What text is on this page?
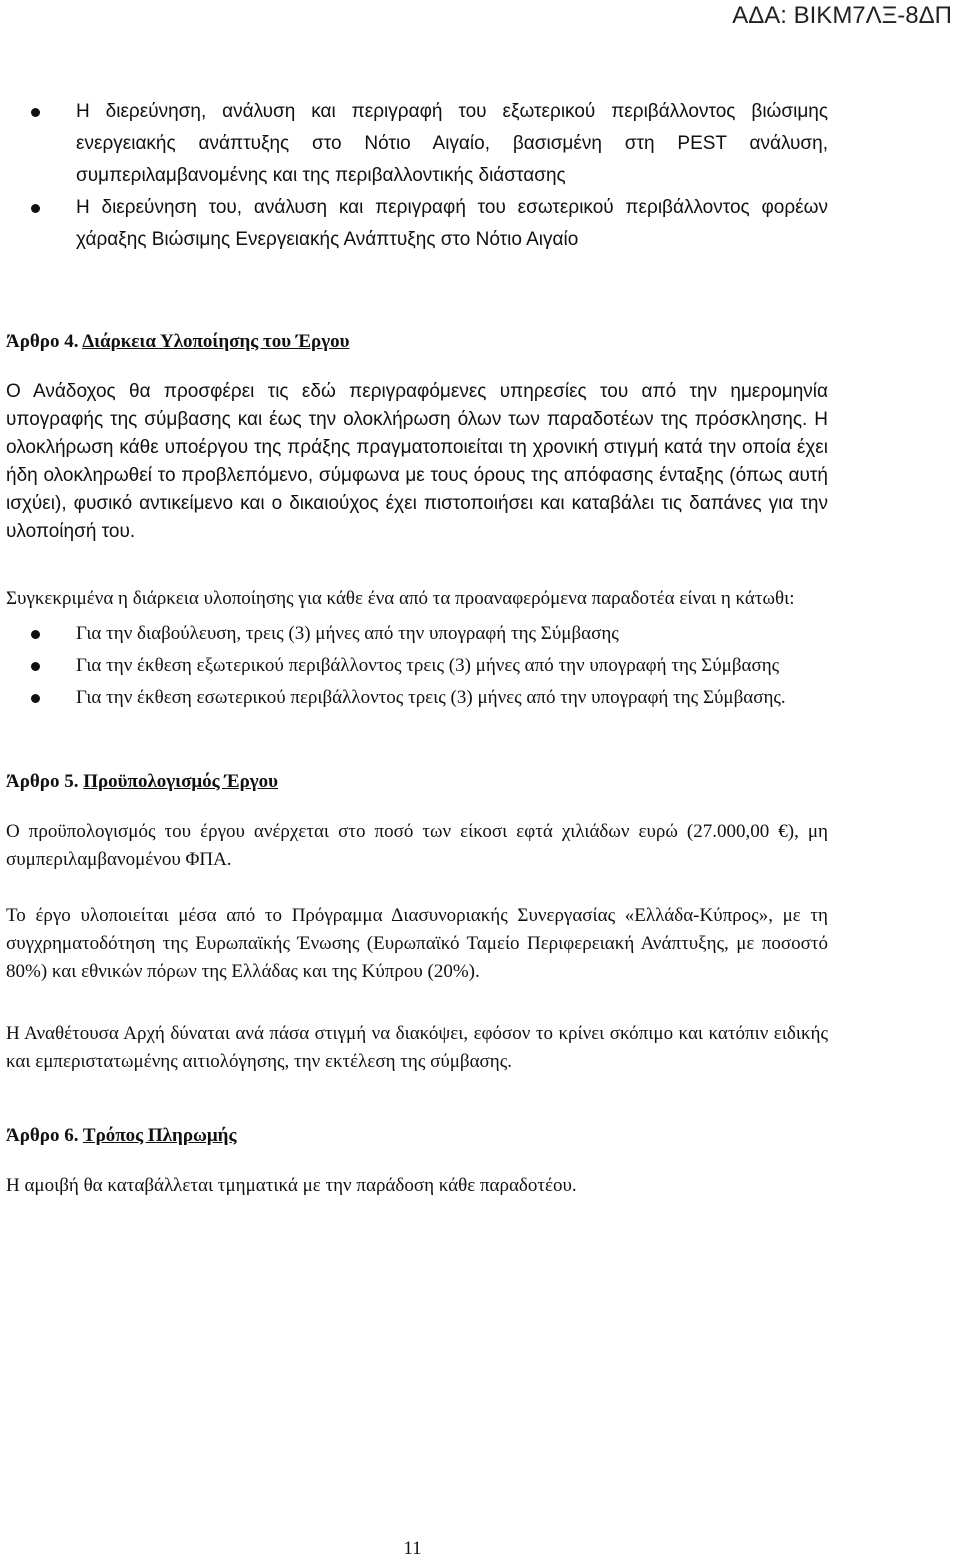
ΑΔΑ: ΒΙΚΜ7ΛΞ-8ΔΠ
Η διερεύνηση, ανάλυση και περιγραφή του εξωτερικού περιβάλλοντος βιώσιμης ενεργειακής ανάπτυξης στο Νότιο Αιγαίο, βασισμένη στη PEST ανάλυση, συμπεριλαμβανομένης και της περιβαλλοντικής διάστασης
Η διερεύνηση του, ανάλυση και περιγραφή του εσωτερικού περιβάλλοντος φορέων χάραξης Βιώσιμης Ενεργειακής Ανάπτυξης στο Νότιο Αιγαίο
Άρθρο 4. Διάρκεια Υλοποίησης του Έργου

Ο Ανάδοχος θα προσφέρει τις εδώ περιγραφόμενες υπηρεσίες του από την ημερομηνία υπογραφής της σύμβασης και έως την ολοκλήρωση όλων των παραδοτέων της πρόσκλησης. Η ολοκλήρωση κάθε υποέργου της πράξης πραγματοποιείται τη χρονική στιγμή κατά την οποία έχει ήδη ολοκληρωθεί το προβλεπόμενο, σύμφωνα με τους όρους της απόφασης ένταξης (όπως αυτή ισχύει), φυσικό αντικείμενο και ο δικαιούχος έχει πιστοποιήσει και καταβάλει τις δαπάνες για την υλοποίησή του.

Συγκεκριμένα η διάρκεια υλοποίησης για κάθε ένα από τα προαναφερόμενα παραδοτέα είναι η κάτωθι:

Για την διαβούλευση, τρεις (3) μήνες από την υπογραφή της Σύμβασης
Για την έκθεση εξωτερικού περιβάλλοντος τρεις (3) μήνες από την υπογραφή της Σύμβασης
Για την έκθεση εσωτερικού περιβάλλοντος τρεις (3) μήνες από την υπογραφή της Σύμβασης.
Άρθρο 5. Προϋπολογισμός Έργου

Ο προϋπολογισμός του έργου ανέρχεται στο ποσό των είκοσι εφτά χιλιάδων ευρώ (27.000,00 €), μη συμπεριλαμβανομένου ΦΠΑ.

Το έργο υλοποιείται μέσα από το Πρόγραμμα Διασυνοριακής Συνεργασίας «Ελλάδα-Κύπρος», με τη συγχρηματοδότηση της Ευρωπαϊκής Ένωσης (Ευρωπαϊκό Ταμείο Περιφερειακή Ανάπτυξης, με ποσοστό 80%) και εθνικών πόρων της Ελλάδας και της Κύπρου (20%).

Η Αναθέτουσα Αρχή δύναται ανά πάσα στιγμή να διακόψει, εφόσον το κρίνει σκόπιμο και κατόπιν ειδικής και εμπεριστατωμένης αιτιολόγησης, την εκτέλεση της σύμβασης.

Άρθρο 6. Τρόπος Πληρωμής

Η αμοιβή θα καταβάλλεται τμηματικά με την παράδοση κάθε παραδοτέου.

11
